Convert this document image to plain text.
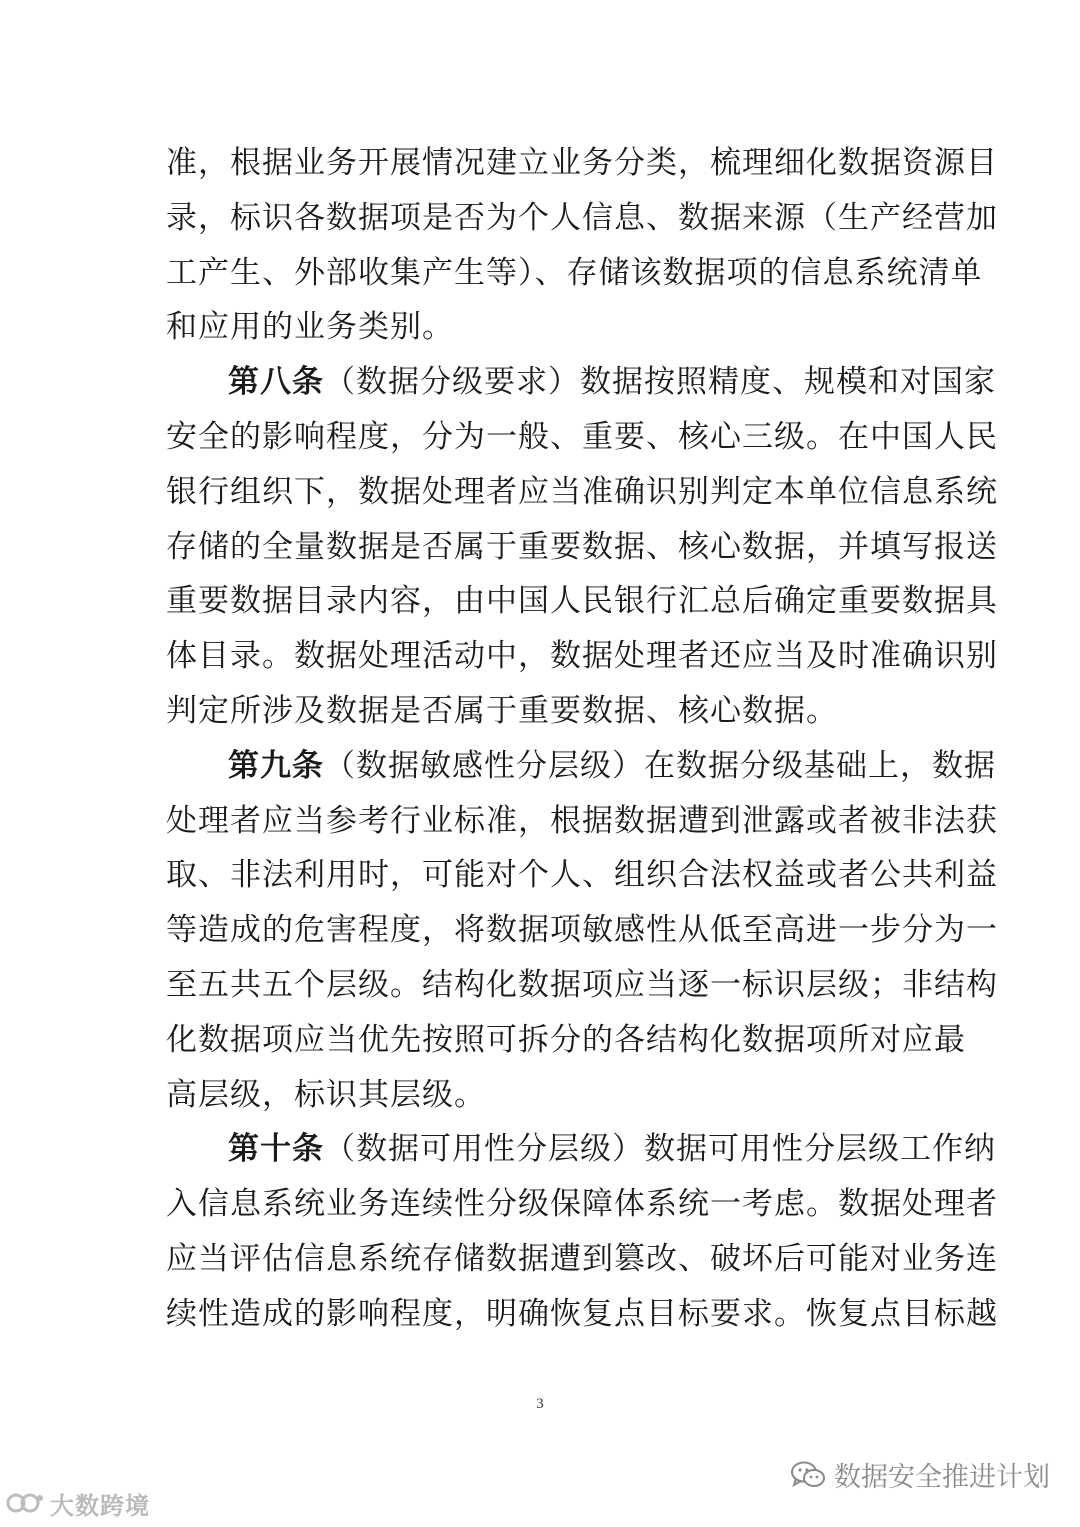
准，根据业务开展情况建立业务分类，梳理细化数据资源目
录，标识各数据项是否为个人信息、数据来源（生产经营加
工产生、外部收集产生等）、存储该数据项的信息系统清单
和应用的业务类别。
第八条（数据分级要求）数据按照精度、规模和对国家
安全的影响程度，分为一般、重要、核心三级。在中国人民
银行组织下，数据处理者应当准确识别判定本单位信息系统
存储的全量数据是否属于重要数据、核心数据，并填写报送
重要数据目录内容，由中国人民银行汇总后确定重要数据具
体目录。数据处理活动中，数据处理者还应当及时准确识别
判定所涉及数据是否属于重要数据、核心数据。
第九条（数据敏感性分层级）在数据分级基础上，数据
处理者应当参考行业标准，根据数据遭到泄露或者被非法获
取、非法利用时，可能对个人、组织合法权益或者公共利益
等造成的危害程度，将数据项敏感性从低至高进一步分为一
至五共五个层级。结构化数据项应当逐一标识层级；非结构
化数据项应当优先按照可拆分的各结构化数据项所对应最
高层级，标识其层级。
第十条（数据可用性分层级）数据可用性分层级工作纳
入信息系统业务连续性分级保障体系统一考虑。数据处理者
应当评估信息系统存储数据遭到篡改、破坏后可能对业务连
续性造成的影响程度，明确恢复点目标要求。恢复点目标越
3
数据安全推进计划
大数跨境
